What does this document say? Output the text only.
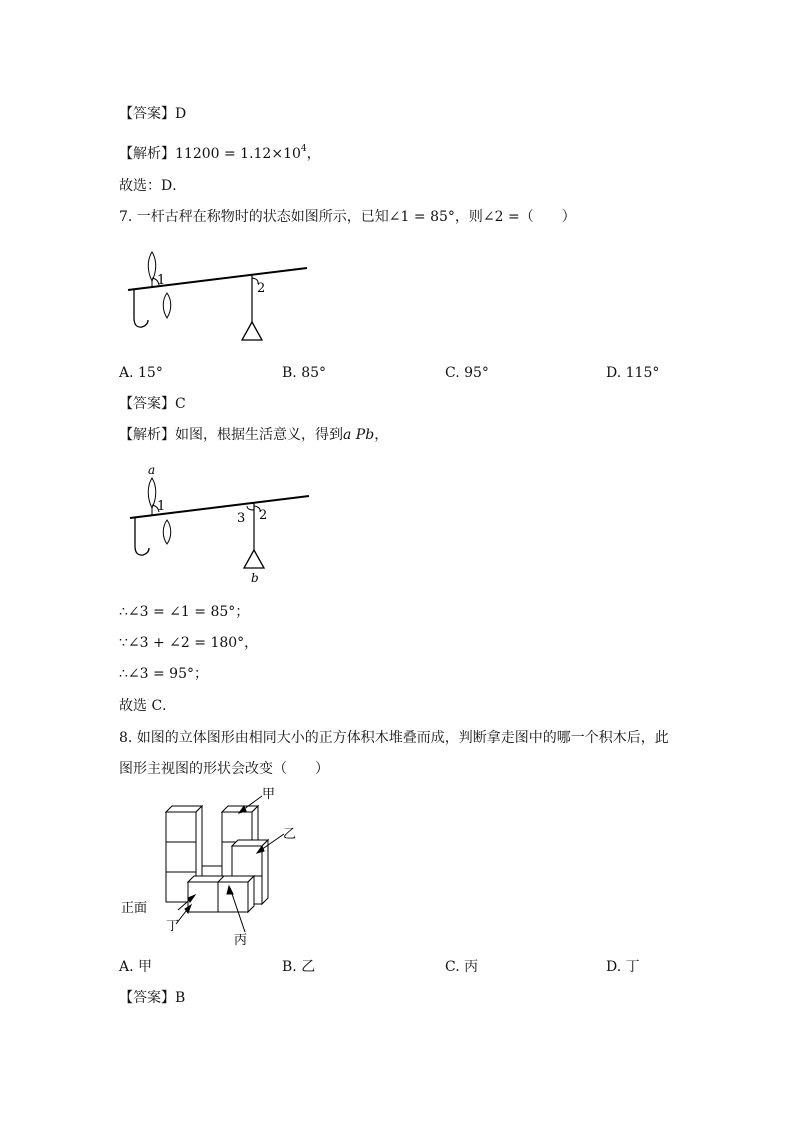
【答案】D
【解析】$11200 = 1.12\times 10^4$，
故选：D．
7. 一杆古秤在称物时的状态如图所示，已知∠1 = 85°，则∠2 =（　　）
1
2
A. 15°	B. 85°	C. 95°	D. 115°
【答案】C
【解析】如图，根据生活意义，得到a Pb，
a
1
2
3
b
∴∠3 = ∠1 = 85°；
∵∠3 + ∠2 = 180°，
∴∠3 = 95°；
故选 C．
8. 如图的立体图形由相同大小的正方体积木堆叠而成，判断拿走图中的哪一个积木后，此
图形主视图的形状会改变（　　）
甲
乙
正面
丁
丙
A. 甲	B. 乙	C. 丙	D. 丁
【答案】B
